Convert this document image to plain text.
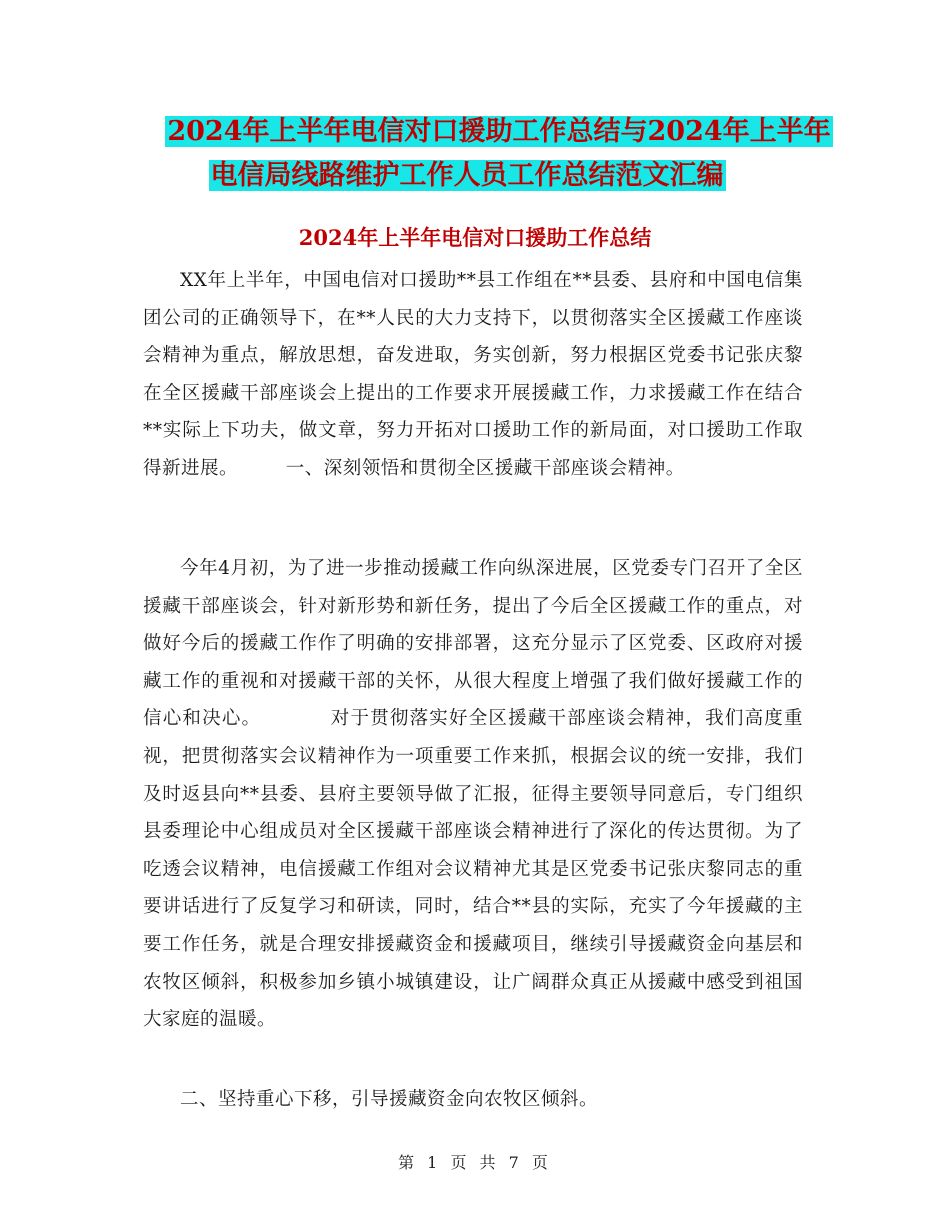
2024年上半年电信对口援助工作总结与2024年上半年
电信局线路维护工作人员工作总结范文汇编
2024年上半年电信对口援助工作总结

XX年上半年，中国电信对口援助**县工作组在**县委、县府和中国电信集团公司的正确领导下，在**人民的大力支持下，以贯彻落实全区援藏工作座谈会精神为重点，解放思想，奋发进取，务实创新，努力根据区党委书记张庆黎在全区援藏干部座谈会上提出的工作要求开展援藏工作，力求援藏工作在结合**实际上下功夫，做文章，努力开拓对口援助工作的新局面，对口援助工作取得新进展。　　　一、深刻领悟和贯彻全区援藏干部座谈会精神。

今年4月初，为了进一步推动援藏工作向纵深进展，区党委专门召开了全区援藏干部座谈会，针对新形势和新任务，提出了今后全区援藏工作的重点，对做好今后的援藏工作作了明确的安排部署，这充分显示了区党委、区政府对援藏工作的重视和对援藏干部的关怀，从很大程度上增强了我们做好援藏工作的信心和决心。　　　　对于贯彻落实好全区援藏干部座谈会精神，我们高度重视，把贯彻落实会议精神作为一项重要工作来抓，根据会议的统一安排，我们及时返县向**县委、县府主要领导做了汇报，征得主要领导同意后，专门组织县委理论中心组成员对全区援藏干部座谈会精神进行了深化的传达贯彻。为了吃透会议精神，电信援藏工作组对会议精神尤其是区党委书记张庆黎同志的重要讲话进行了反复学习和研读，同时，结合**县的实际，充实了今年援藏的主要工作任务，就是合理安排援藏资金和援藏项目，继续引导援藏资金向基层和农牧区倾斜，积极参加乡镇小城镇建设，让广阔群众真正从援藏中感受到祖国大家庭的温暖。

二、坚持重心下移，引导援藏资金向农牧区倾斜。

第 1 页 共 7 页
